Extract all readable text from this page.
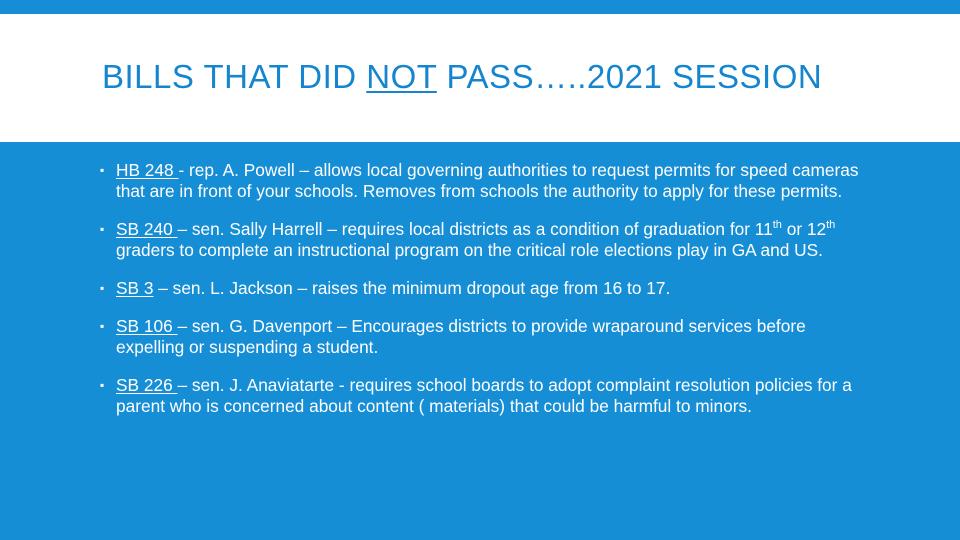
BILLS THAT DID NOT PASS…..2021 SESSION
▪ HB 248 - rep. A. Powell – allows local governing authorities to request permits for speed cameras that are in front of your schools. Removes from schools the authority to apply for these permits.
▪ SB 240 – sen. Sally Harrell – requires local districts as a condition of graduation for 11th or 12th graders to complete an instructional program on the critical role elections play in GA and US.
▪ SB 3 – sen. L. Jackson – raises the minimum dropout age from 16 to 17.
▪ SB 106 – sen. G. Davenport – Encourages districts to provide wraparound services before expelling or suspending a student.
▪ SB 226 – sen. J. Anaviatarte - requires school boards to adopt complaint resolution policies for a parent who is concerned about content ( materials) that could be harmful to minors.
